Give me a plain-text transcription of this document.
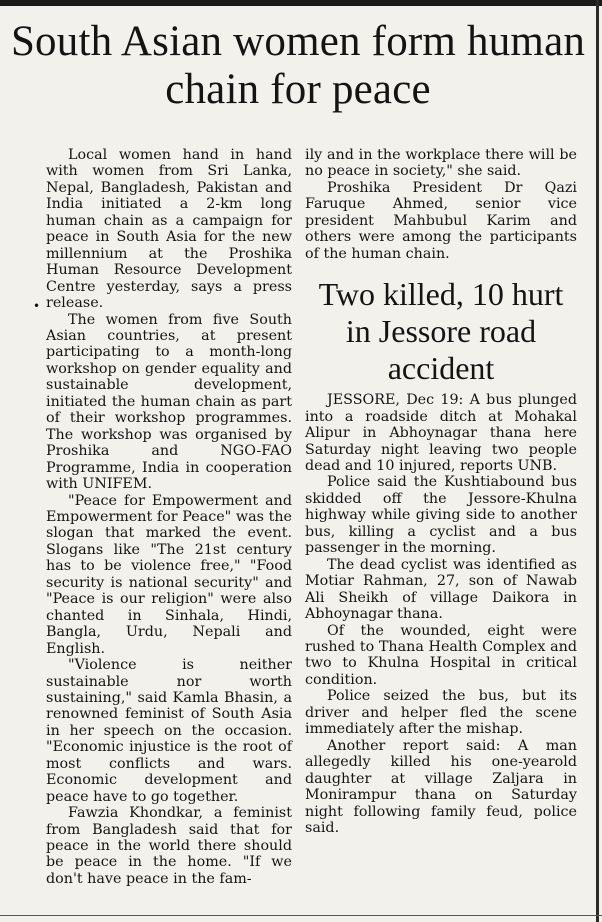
South Asian women form human chain for peace
•

Local women hand in hand with women from Sri Lanka, Nepal, Bangladesh, Pakistan and India initiated a 2-km long human chain as a campaign for peace in South Asia for the new millennium at the Proshika Human Resource Development Centre yesterday, says a press release.

The women from five South Asian countries, at present participating to a month-long workshop on gender equality and sustainable development, initiated the human chain as part of their workshop programmes. The workshop was organised by Proshika and NGO-FAO Programme, India in cooperation with UNIFEM.

"Peace for Empowerment and Empowerment for Peace" was the slogan that marked the event. Slogans like "The 21st century has to be violence free," "Food security is national security" and "Peace is our religion" were also chanted in Sinhala, Hindi, Bangla, Urdu, Nepali and English.

"Violence is neither sustainable nor worth sustaining," said Kamla Bhasin, a renowned feminist of South Asia in her speech on the occasion. "Economic injustice is the root of most conflicts and wars. Economic development and peace have to go together.

Fawzia Khondkar, a feminist from Bangladesh said that for peace in the world there should be peace in the home. "If we don't have peace in the fam-

ily and in the workplace there will be no peace in society," she said.

Proshika President Dr Qazi Faruque Ahmed, senior vice president Mahbubul Karim and others were among the participants of the human chain.

Two killed, 10 hurt in Jessore road accident

JESSORE, Dec 19: A bus plunged into a roadside ditch at Mohakal Alipur in Abhoynagar thana here Saturday night leaving two people dead and 10 injured, reports UNB.

Police said the Kushtiabound bus skidded off the Jessore-Khulna highway while giving side to another bus, killing a cyclist and a bus passenger in the morning.

The dead cyclist was identified as Motiar Rahman, 27, son of Nawab Ali Sheikh of village Daikora in Abhoynagar thana.

Of the wounded, eight were rushed to Thana Health Complex and two to Khulna Hospital in critical condition.

Police seized the bus, but its driver and helper fled the scene immediately after the mishap.

Another report said: A man allegedly killed his one-yearold daughter at village Zaljara in Monirampur thana on Saturday night following family feud, police said.
